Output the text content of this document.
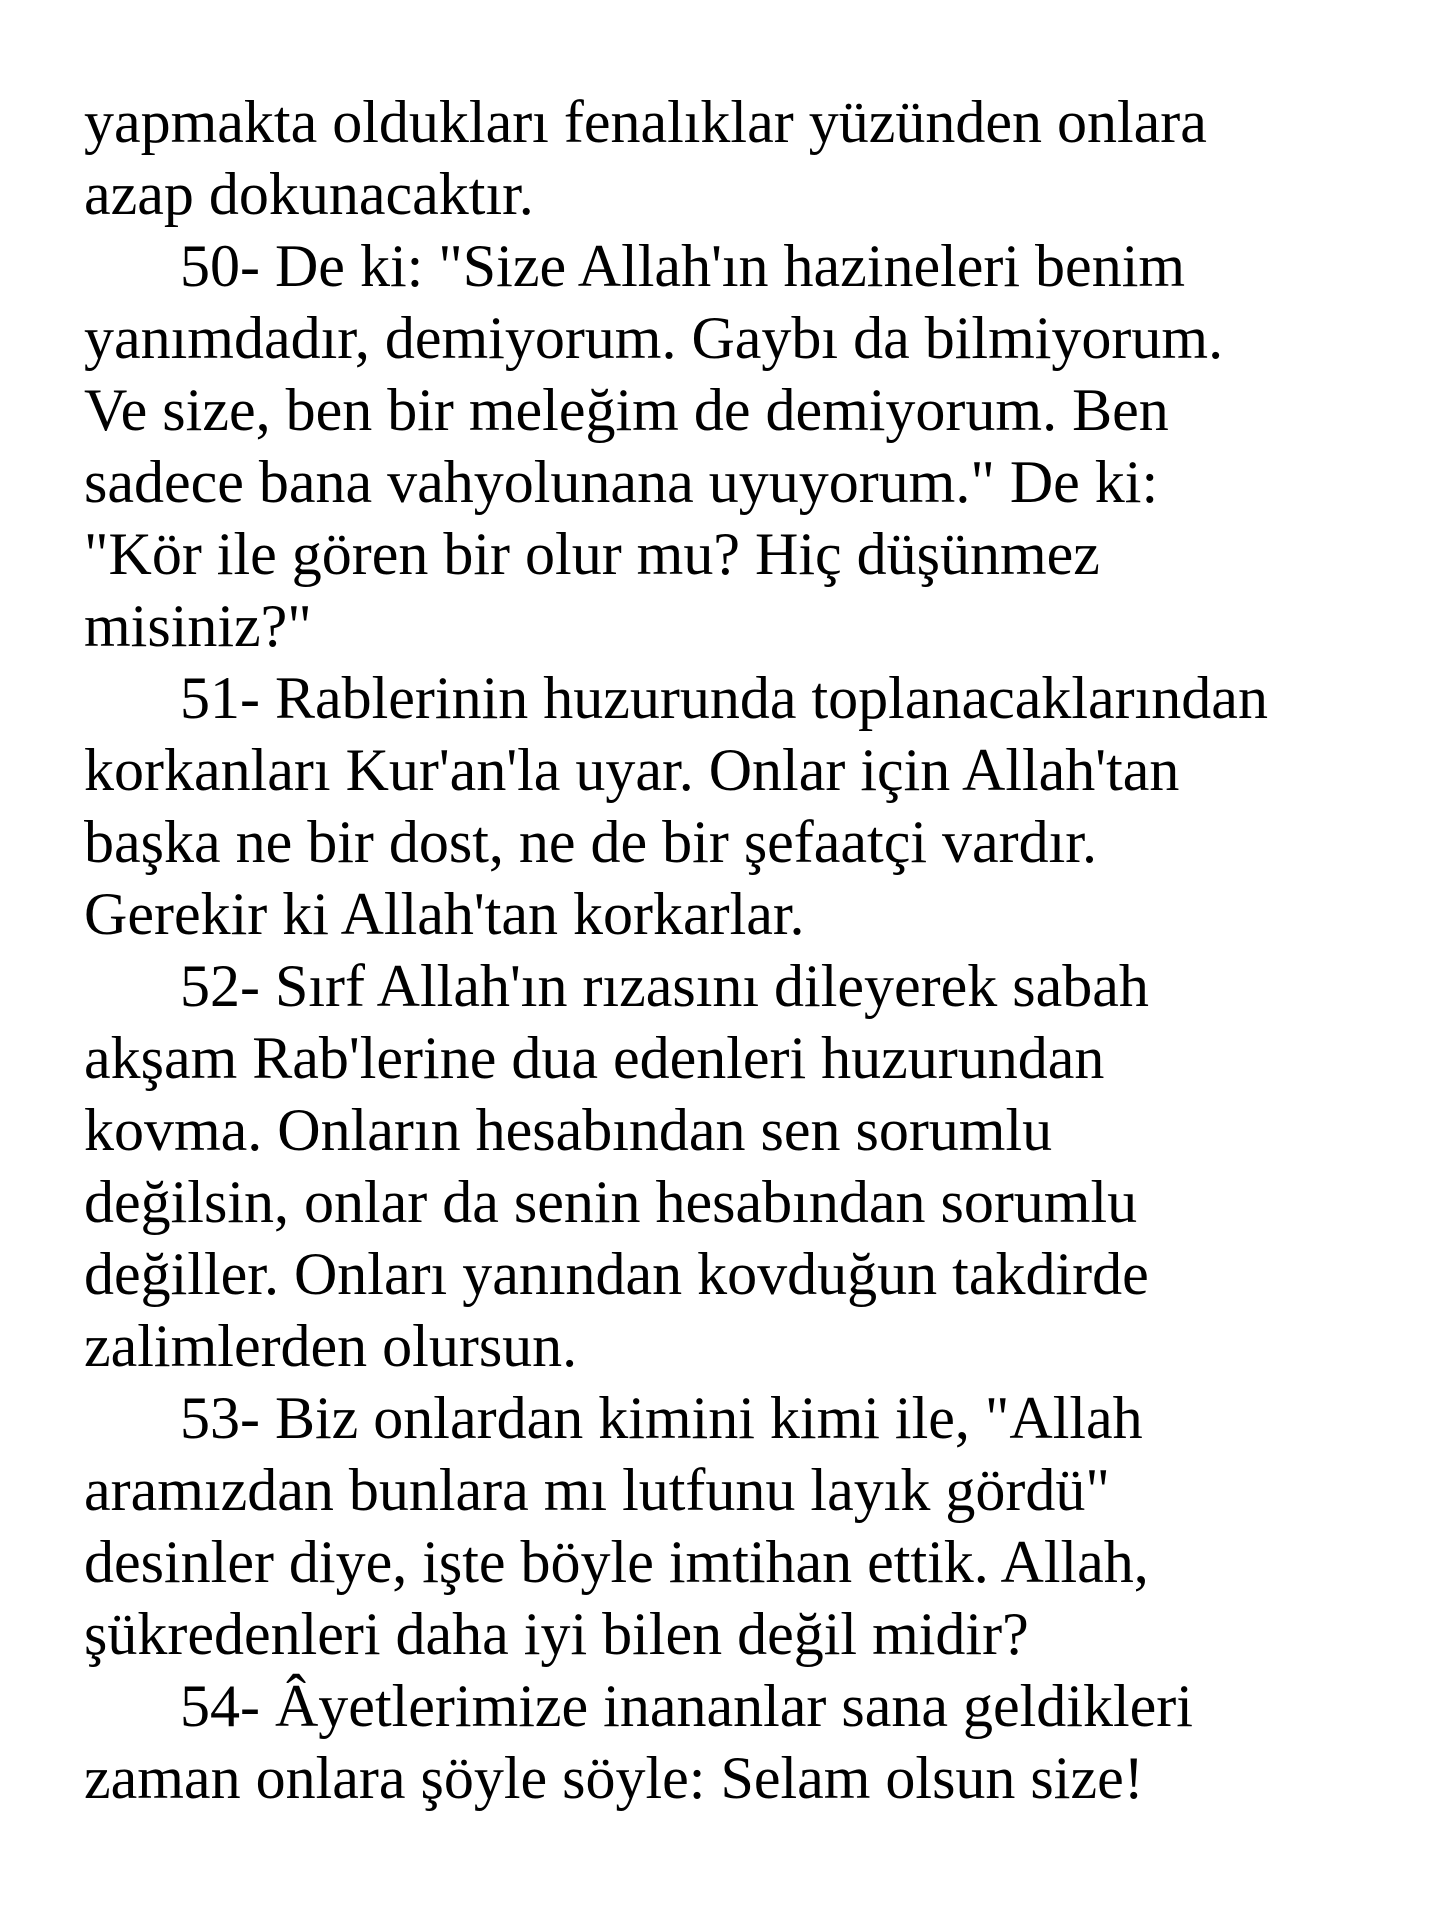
yapmakta oldukları fenalıklar yüzünden onlara
azap dokunacaktır.
50- De ki: "Size Allah'ın hazineleri benim
yanımdadır, demiyorum. Gaybı da bilmiyorum.
Ve size, ben bir meleğim de demiyorum. Ben
sadece bana vahyolunana uyuyorum." De ki:
"Kör ile gören bir olur mu? Hiç düşünmez
misiniz?"
51- Rablerinin huzurunda toplanacaklarından
korkanları Kur'an'la uyar. Onlar için Allah'tan
başka ne bir dost, ne de bir şefaatçi vardır.
Gerekir ki Allah'tan korkarlar.
52- Sırf Allah'ın rızasını dileyerek sabah
akşam Rab'lerine dua edenleri huzurundan
kovma. Onların hesabından sen sorumlu
değilsin, onlar da senin hesabından sorumlu
değiller. Onları yanından kovduğun takdirde
zalimlerden olursun.
53- Biz onlardan kimini kimi ile, "Allah
aramızdan bunlara mı lutfunu layık gördü"
desinler diye, işte böyle imtihan ettik. Allah,
şükredenleri daha iyi bilen değil midir?
54- Âyetlerimize inananlar sana geldikleri
zaman onlara şöyle söyle: Selam olsun size!
